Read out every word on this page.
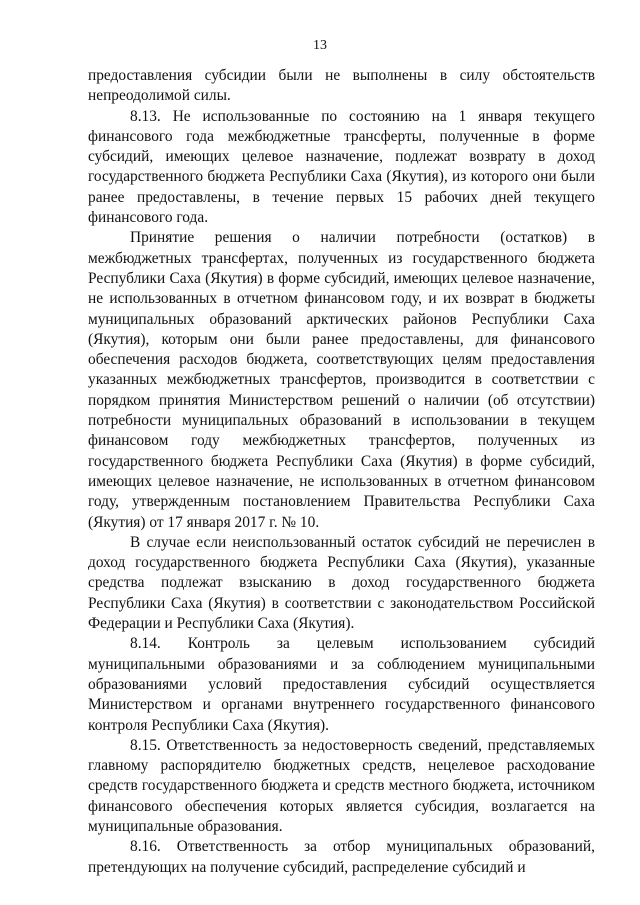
13

предоставления субсидии были не выполнены в силу обстоятельств непреодолимой силы.

8.13. Не использованные по состоянию на 1 января текущего финансового года межбюджетные трансферты, полученные в форме субсидий, имеющих целевое назначение, подлежат возврату в доход государственного бюджета Республики Саха (Якутия), из которого они были ранее предоставлены, в течение первых 15 рабочих дней текущего финансового года.

Принятие решения о наличии потребности (остатков) в межбюджетных трансфертах, полученных из государственного бюджета Республики Саха (Якутия) в форме субсидий, имеющих целевое назначение, не использованных в отчетном финансовом году, и их возврат в бюджеты муниципальных образований арктических районов Республики Саха (Якутия), которым они были ранее предоставлены, для финансового обеспечения расходов бюджета, соответствующих целям предоставления указанных межбюджетных трансфертов, производится в соответствии с порядком принятия Министерством решений о наличии (об отсутствии) потребности муниципальных образований в использовании в текущем финансовом году межбюджетных трансфертов, полученных из государственного бюджета Республики Саха (Якутия) в форме субсидий, имеющих целевое назначение, не использованных в отчетном финансовом году, утвержденным постановлением Правительства Республики Саха (Якутия) от 17 января 2017 г. № 10.

В случае если неиспользованный остаток субсидий не перечислен в доход государственного бюджета Республики Саха (Якутия), указанные средства подлежат взысканию в доход государственного бюджета Республики Саха (Якутия) в соответствии с законодательством Российской Федерации и Республики Саха (Якутия).

8.14. Контроль за целевым использованием субсидий муниципальными образованиями и за соблюдением муниципальными образованиями условий предоставления субсидий осуществляется Министерством и органами внутреннего государственного финансового контроля Республики Саха (Якутия).

8.15. Ответственность за недостоверность сведений, представляемых главному распорядителю бюджетных средств, нецелевое расходование средств государственного бюджета и средств местного бюджета, источником финансового обеспечения которых является субсидия, возлагается на муниципальные образования.

8.16. Ответственность за отбор муниципальных образований, претендующих на получение субсидий, распределение субсидий и
